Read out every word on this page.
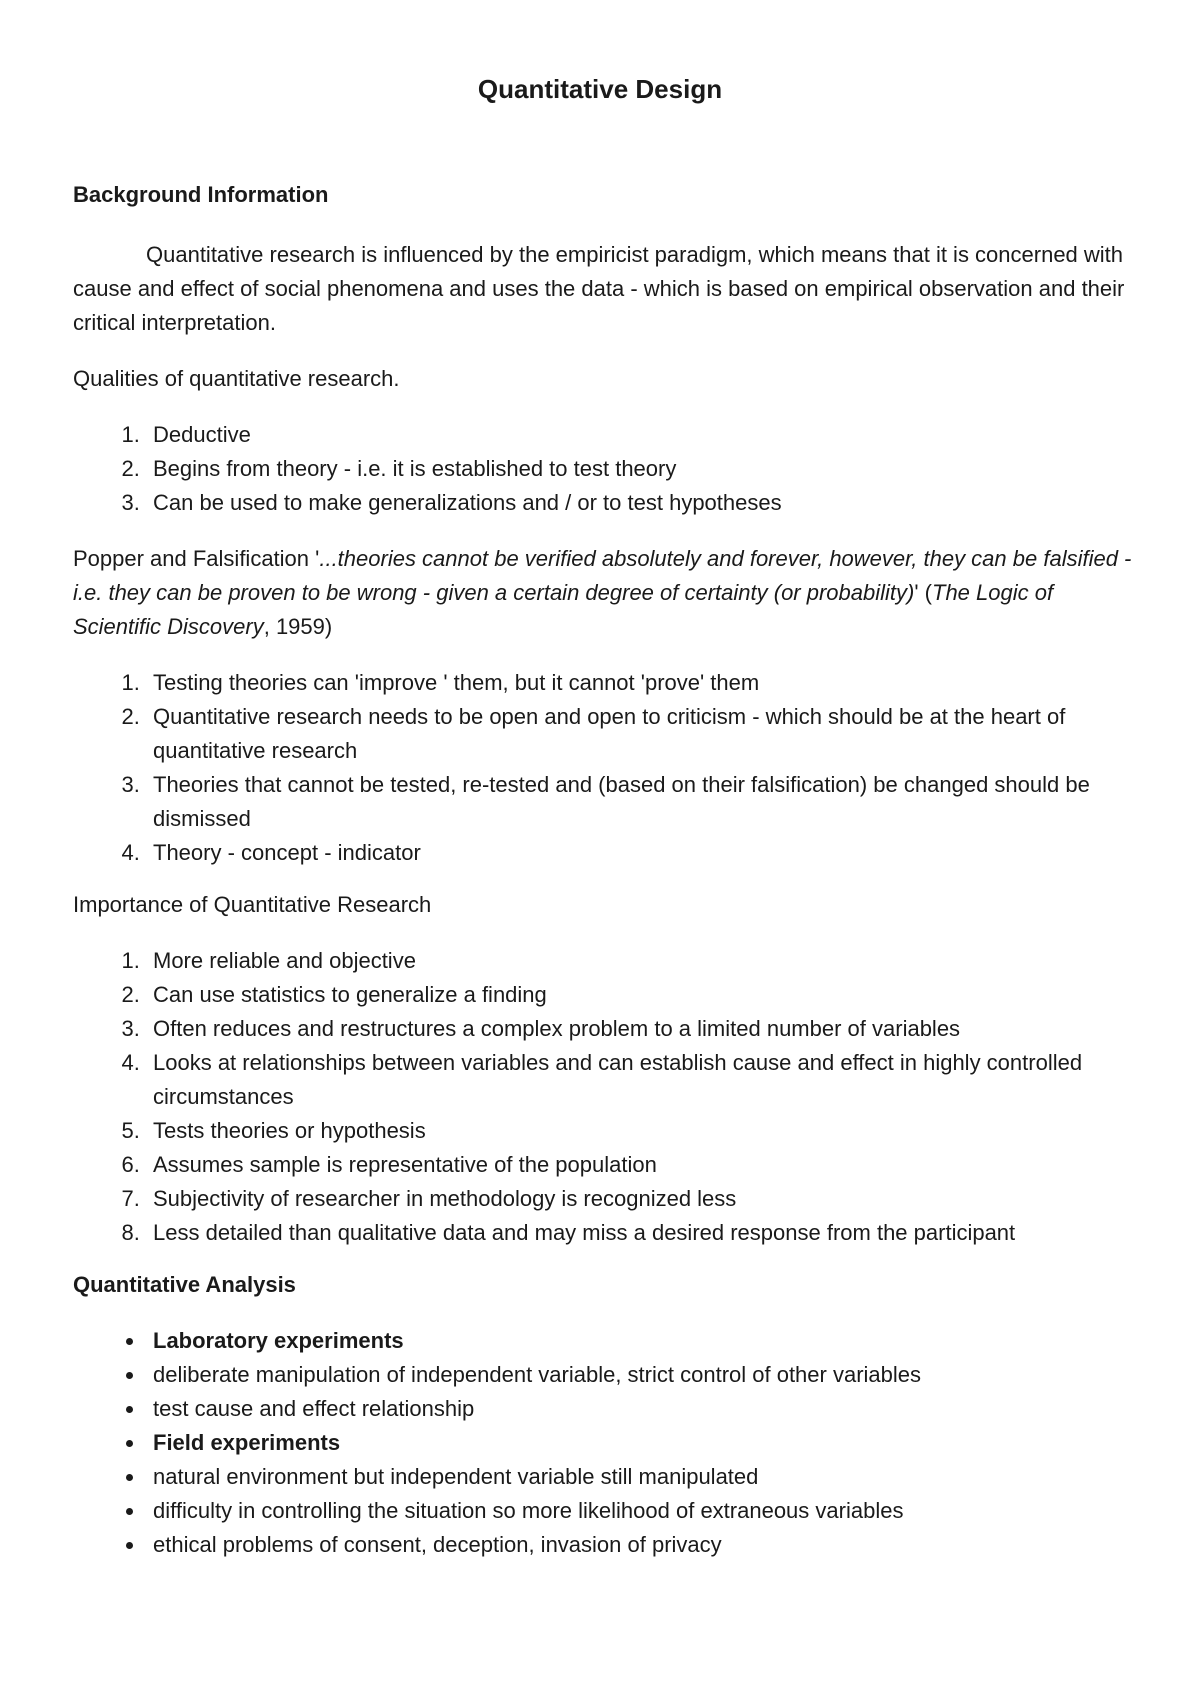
Quantitative Design

Background Information

Quantitative research is influenced by the empiricist paradigm, which means that it is concerned with cause and effect of social phenomena and uses the data - which is based on empirical observation and their critical interpretation.

Qualities of quantitative research.

1. Deductive
2. Begins from theory - i.e. it is established to test theory
3. Can be used to make generalizations and / or to test hypotheses

Popper and Falsification '...theories cannot be verified absolutely and forever, however, they can be falsified - i.e. they can be proven to be wrong - given a certain degree of certainty (or probability)' (The Logic of Scientific Discovery, 1959)

1. Testing theories can 'improve ' them, but it cannot 'prove' them
2. Quantitative research needs to be open and open to criticism - which should be at the heart of quantitative research
3. Theories that cannot be tested, re-tested and (based on their falsification) be changed should be dismissed
4. Theory - concept - indicator

Importance of Quantitative Research

1. More reliable and objective
2. Can use statistics to generalize a finding
3. Often reduces and restructures a complex problem to a limited number of variables
4. Looks at relationships between variables and can establish cause and effect in highly controlled circumstances
5. Tests theories or hypothesis
6. Assumes sample is representative of the population
7. Subjectivity of researcher in methodology is recognized less
8. Less detailed than qualitative data and may miss a desired response from the participant

Quantitative Analysis

• Laboratory experiments
• deliberate manipulation of independent variable, strict control of other variables
• test cause and effect relationship
• Field experiments
• natural environment but independent variable still manipulated
• difficulty in controlling the situation so more likelihood of extraneous variables
• ethical problems of consent, deception, invasion of privacy
